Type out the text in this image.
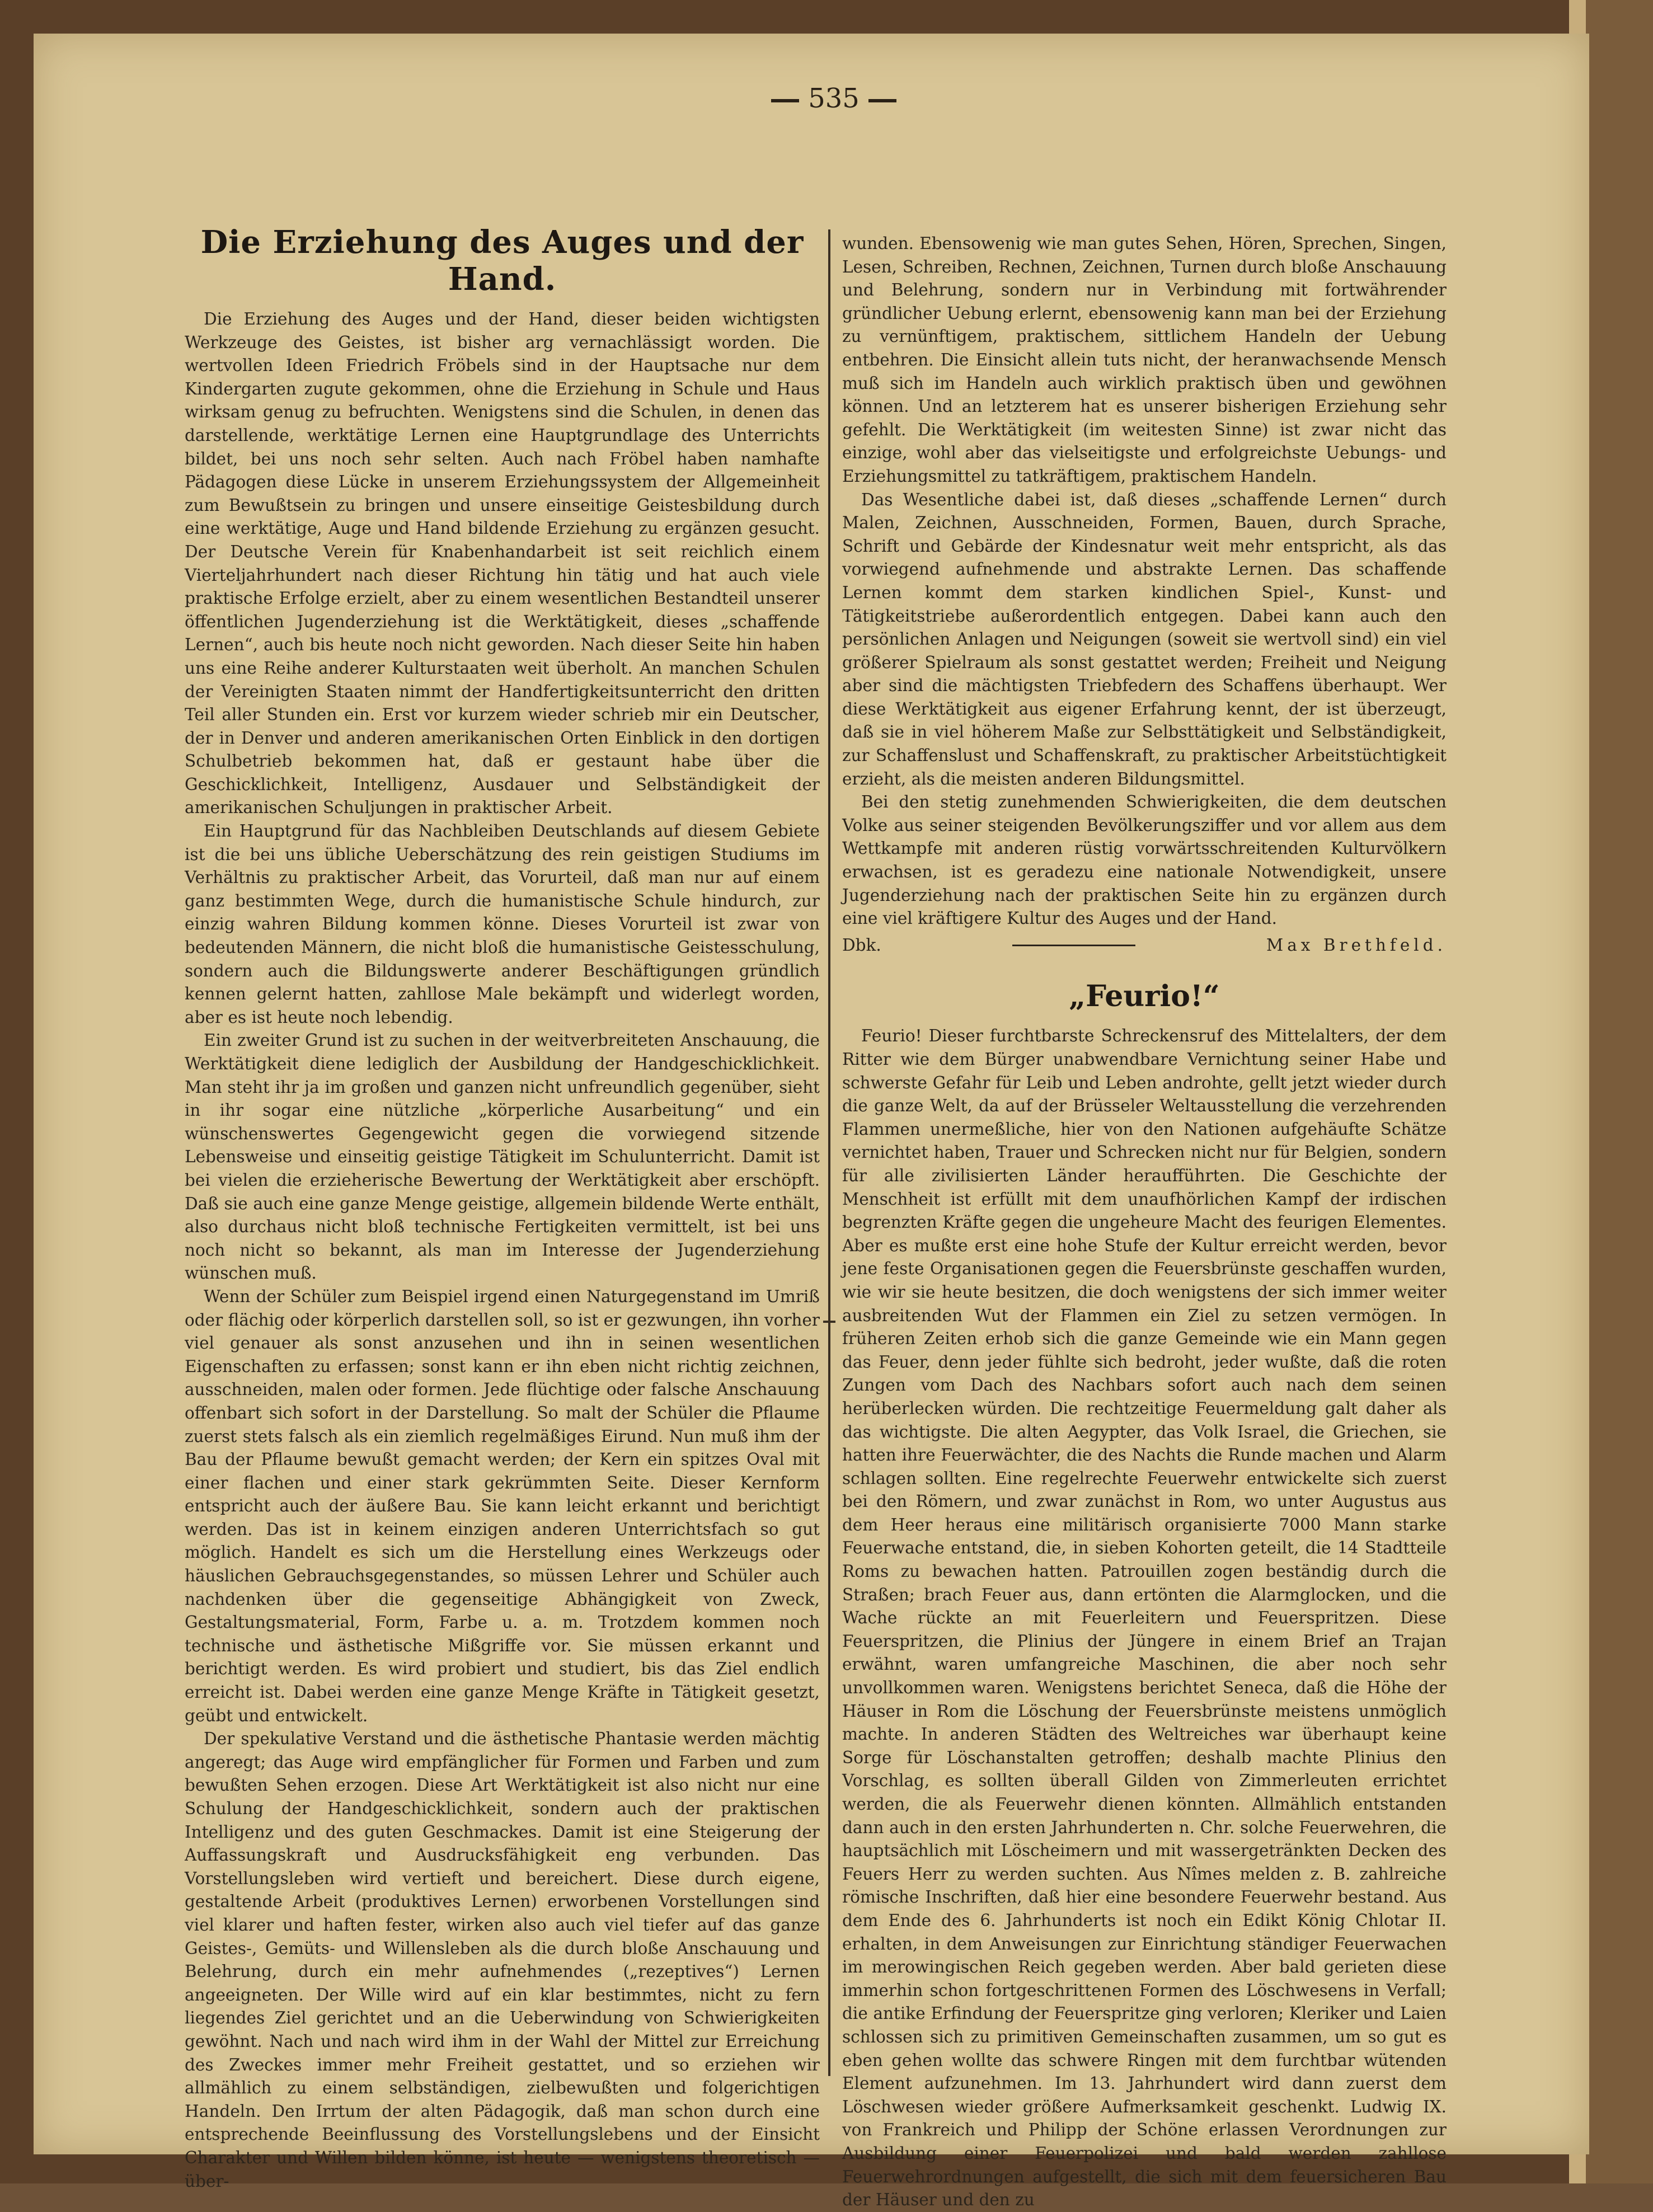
535
Die Erziehung des Auges und der Hand.

Die Erziehung des Auges und der Hand, dieser beiden wichtigsten Werkzeuge des Geistes, ist bisher arg vernachlässigt worden. Die wertvollen Ideen Friedrich Fröbels sind in der Hauptsache nur dem Kindergarten zugute gekommen, ohne die Erziehung in Schule und Haus wirksam genug zu befruchten. Wenigstens sind die Schulen, in denen das darstellende, werktätige Lernen eine Hauptgrundlage des Unterrichts bildet, bei uns noch sehr selten. Auch nach Fröbel haben namhafte Pädagogen diese Lücke in unserem Erziehungssystem der Allgemeinheit zum Bewußtsein zu bringen und unsere einseitige Geistesbildung durch eine werktätige, Auge und Hand bildende Erziehung zu ergänzen gesucht. Der Deutsche Verein für Knabenhandarbeit ist seit reichlich einem Vierteljahrhundert nach dieser Richtung hin tätig und hat auch viele praktische Erfolge erzielt, aber zu einem wesentlichen Bestandteil unserer öffentlichen Jugenderziehung ist die Werktätigkeit, dieses „schaffende Lernen“, auch bis heute noch nicht geworden. Nach dieser Seite hin haben uns eine Reihe anderer Kulturstaaten weit überholt. An manchen Schulen der Vereinigten Staaten nimmt der Handfertigkeitsunterricht den dritten Teil aller Stunden ein. Erst vor kurzem wieder schrieb mir ein Deutscher, der in Denver und anderen amerikanischen Orten Einblick in den dortigen Schulbetrieb bekommen hat, daß er gestaunt habe über die Geschicklichkeit, Intelligenz, Ausdauer und Selbständigkeit der amerikanischen Schuljungen in praktischer Arbeit.

Ein Hauptgrund für das Nachbleiben Deutschlands auf diesem Gebiete ist die bei uns übliche Ueberschätzung des rein geistigen Studiums im Verhältnis zu praktischer Arbeit, das Vorurteil, daß man nur auf einem ganz bestimmten Wege, durch die humanistische Schule hindurch, zur einzig wahren Bildung kommen könne. Dieses Vorurteil ist zwar von bedeutenden Männern, die nicht bloß die humanistische Geistesschulung, sondern auch die Bildungswerte anderer Beschäftigungen gründlich kennen gelernt hatten, zahllose Male bekämpft und widerlegt worden, aber es ist heute noch lebendig.

Ein zweiter Grund ist zu suchen in der weitverbreiteten Anschauung, die Werktätigkeit diene lediglich der Ausbildung der Handgeschicklichkeit. Man steht ihr ja im großen und ganzen nicht unfreundlich gegenüber, sieht in ihr sogar eine nützliche „körperliche Ausarbeitung“ und ein wünschenswertes Gegengewicht gegen die vorwiegend sitzende Lebensweise und einseitig geistige Tätigkeit im Schulunterricht. Damit ist bei vielen die erzieherische Bewertung der Werktätigkeit aber erschöpft. Daß sie auch eine ganze Menge geistige, allgemein bildende Werte enthält, also durchaus nicht bloß technische Fertigkeiten vermittelt, ist bei uns noch nicht so bekannt, als man im Interesse der Jugenderziehung wünschen muß.

Wenn der Schüler zum Beispiel irgend einen Naturgegenstand im Umriß oder flächig oder körperlich darstellen soll, so ist er gezwungen, ihn vorher viel genauer als sonst anzusehen und ihn in seinen wesentlichen Eigenschaften zu erfassen; sonst kann er ihn eben nicht richtig zeichnen, ausschneiden, malen oder formen. Jede flüchtige oder falsche Anschauung offenbart sich sofort in der Darstellung. So malt der Schüler die Pflaume zuerst stets falsch als ein ziemlich regelmäßiges Eirund. Nun muß ihm der Bau der Pflaume bewußt gemacht werden; der Kern ein spitzes Oval mit einer flachen und einer stark gekrümmten Seite. Dieser Kernform entspricht auch der äußere Bau. Sie kann leicht erkannt und berichtigt werden. Das ist in keinem einzigen anderen Unterrichtsfach so gut möglich. Handelt es sich um die Herstellung eines Werkzeugs oder häuslichen Gebrauchsgegenstandes, so müssen Lehrer und Schüler auch nachdenken über die gegenseitige Abhängigkeit von Zweck, Gestaltungsmaterial, Form, Farbe u. a. m. Trotzdem kommen noch technische und ästhetische Mißgriffe vor. Sie müssen erkannt und berichtigt werden. Es wird probiert und studiert, bis das Ziel endlich erreicht ist. Dabei werden eine ganze Menge Kräfte in Tätigkeit gesetzt, geübt und entwickelt.

Der spekulative Verstand und die ästhetische Phantasie werden mächtig angeregt; das Auge wird empfänglicher für Formen und Farben und zum bewußten Sehen erzogen. Diese Art Werktätigkeit ist also nicht nur eine Schulung der Handgeschicklichkeit, sondern auch der praktischen Intelligenz und des guten Geschmackes. Damit ist eine Steigerung der Auffassungskraft und Ausdrucksfähigkeit eng verbunden. Das Vorstellungsleben wird vertieft und bereichert. Diese durch eigene, gestaltende Arbeit (produktives Lernen) erworbenen Vorstellungen sind viel klarer und haften fester, wirken also auch viel tiefer auf das ganze Geistes-, Gemüts- und Willensleben als die durch bloße Anschauung und Belehrung, durch ein mehr aufnehmendes („rezeptives“) Lernen angeeigneten. Der Wille wird auf ein klar bestimmtes, nicht zu fern liegendes Ziel gerichtet und an die Ueberwindung von Schwierigkeiten gewöhnt. Nach und nach wird ihm in der Wahl der Mittel zur Erreichung des Zweckes immer mehr Freiheit gestattet, und so erziehen wir allmählich zu einem selbständigen, zielbewußten und folgerichtigen Handeln. Den Irrtum der alten Pädagogik, daß man schon durch eine entsprechende Beeinflussung des Vorstellungslebens und der Einsicht Charakter und Willen bilden könne, ist heute — wenigstens theoretisch — über-

wunden. Ebensowenig wie man gutes Sehen, Hören, Sprechen, Singen, Lesen, Schreiben, Rechnen, Zeichnen, Turnen durch bloße Anschauung und Belehrung, sondern nur in Verbindung mit fortwährender gründlicher Uebung erlernt, ebensowenig kann man bei der Erziehung zu vernünftigem, praktischem, sittlichem Handeln der Uebung entbehren. Die Einsicht allein tuts nicht, der heranwachsende Mensch muß sich im Handeln auch wirklich praktisch üben und gewöhnen können. Und an letzterem hat es unserer bisherigen Erziehung sehr gefehlt. Die Werktätigkeit (im weitesten Sinne) ist zwar nicht das einzige, wohl aber das vielseitigste und erfolgreichste Uebungs- und Erziehungsmittel zu tatkräftigem, praktischem Handeln.

Das Wesentliche dabei ist, daß dieses „schaffende Lernen“ durch Malen, Zeichnen, Ausschneiden, Formen, Bauen, durch Sprache, Schrift und Gebärde der Kindesnatur weit mehr entspricht, als das vorwiegend aufnehmende und abstrakte Lernen. Das schaffende Lernen kommt dem starken kindlichen Spiel-, Kunst- und Tätigkeitstriebe außerordentlich entgegen. Dabei kann auch den persönlichen Anlagen und Neigungen (soweit sie wertvoll sind) ein viel größerer Spielraum als sonst gestattet werden; Freiheit und Neigung aber sind die mächtigsten Triebfedern des Schaffens überhaupt. Wer diese Werktätigkeit aus eigener Erfahrung kennt, der ist überzeugt, daß sie in viel höherem Maße zur Selbsttätigkeit und Selbständigkeit, zur Schaffenslust und Schaffenskraft, zu praktischer Arbeitstüchtigkeit erzieht, als die meisten anderen Bildungsmittel.

Bei den stetig zunehmenden Schwierigkeiten, die dem deutschen Volke aus seiner steigenden Bevölkerungsziffer und vor allem aus dem Wettkampfe mit anderen rüstig vorwärtsschreitenden Kulturvölkern erwachsen, ist es geradezu eine nationale Notwendigkeit, unsere Jugenderziehung nach der praktischen Seite hin zu ergänzen durch eine viel kräftigere Kultur des Auges und der Hand.

Dbk.	Max Brethfeld.
„Feurio!“

Feurio! Dieser furchtbarste Schreckensruf des Mittelalters, der dem Ritter wie dem Bürger unabwendbare Vernichtung seiner Habe und schwerste Gefahr für Leib und Leben androhte, gellt jetzt wieder durch die ganze Welt, da auf der Brüsseler Weltausstellung die verzehrenden Flammen unermeßliche, hier von den Nationen aufgehäufte Schätze vernichtet haben, Trauer und Schrecken nicht nur für Belgien, sondern für alle zivilisierten Länder heraufführten. Die Geschichte der Menschheit ist erfüllt mit dem unaufhörlichen Kampf der irdischen begrenzten Kräfte gegen die ungeheure Macht des feurigen Elementes. Aber es mußte erst eine hohe Stufe der Kultur erreicht werden, bevor jene feste Organisationen gegen die Feuersbrünste geschaffen wurden, wie wir sie heute besitzen, die doch wenigstens der sich immer weiter ausbreitenden Wut der Flammen ein Ziel zu setzen vermögen. In früheren Zeiten erhob sich die ganze Gemeinde wie ein Mann gegen das Feuer, denn jeder fühlte sich bedroht, jeder wußte, daß die roten Zungen vom Dach des Nachbars sofort auch nach dem seinen herüberlecken würden. Die rechtzeitige Feuermeldung galt daher als das wichtigste. Die alten Aegypter, das Volk Israel, die Griechen, sie hatten ihre Feuerwächter, die des Nachts die Runde machen und Alarm schlagen sollten. Eine regelrechte Feuerwehr entwickelte sich zuerst bei den Römern, und zwar zunächst in Rom, wo unter Augustus aus dem Heer heraus eine militärisch organisierte 7000 Mann starke Feuerwache entstand, die, in sieben Kohorten geteilt, die 14 Stadtteile Roms zu bewachen hatten. Patrouillen zogen beständig durch die Straßen; brach Feuer aus, dann ertönten die Alarmglocken, und die Wache rückte an mit Feuerleitern und Feuerspritzen. Diese Feuerspritzen, die Plinius der Jüngere in einem Brief an Trajan erwähnt, waren umfangreiche Maschinen, die aber noch sehr unvollkommen waren. Wenigstens berichtet Seneca, daß die Höhe der Häuser in Rom die Löschung der Feuersbrünste meistens unmöglich machte. In anderen Städten des Weltreiches war überhaupt keine Sorge für Löschanstalten getroffen; deshalb machte Plinius den Vorschlag, es sollten überall Gilden von Zimmerleuten errichtet werden, die als Feuerwehr dienen könnten. Allmählich entstanden dann auch in den ersten Jahrhunderten n. Chr. solche Feuerwehren, die hauptsächlich mit Löscheimern und mit wassergetränkten Decken des Feuers Herr zu werden suchten. Aus Nîmes melden z. B. zahlreiche römische Inschriften, daß hier eine besondere Feuerwehr bestand. Aus dem Ende des 6. Jahrhunderts ist noch ein Edikt König Chlotar II. erhalten, in dem Anweisungen zur Einrichtung ständiger Feuerwachen im merowingischen Reich gegeben werden. Aber bald gerieten diese immerhin schon fortgeschrittenen Formen des Löschwesens in Verfall; die antike Erfindung der Feuerspritze ging verloren; Kleriker und Laien schlossen sich zu primitiven Gemeinschaften zusammen, um so gut es eben gehen wollte das schwere Ringen mit dem furchtbar wütenden Element aufzunehmen. Im 13. Jahrhundert wird dann zuerst dem Löschwesen wieder größere Aufmerksamkeit geschenkt. Ludwig IX. von Frankreich und Philipp der Schöne erlassen Verordnungen zur Ausbildung einer Feuerpolizei und bald werden zahllose Feuerwehrordnungen aufgestellt, die sich mit dem feuersicheren Bau der Häuser und den zu
